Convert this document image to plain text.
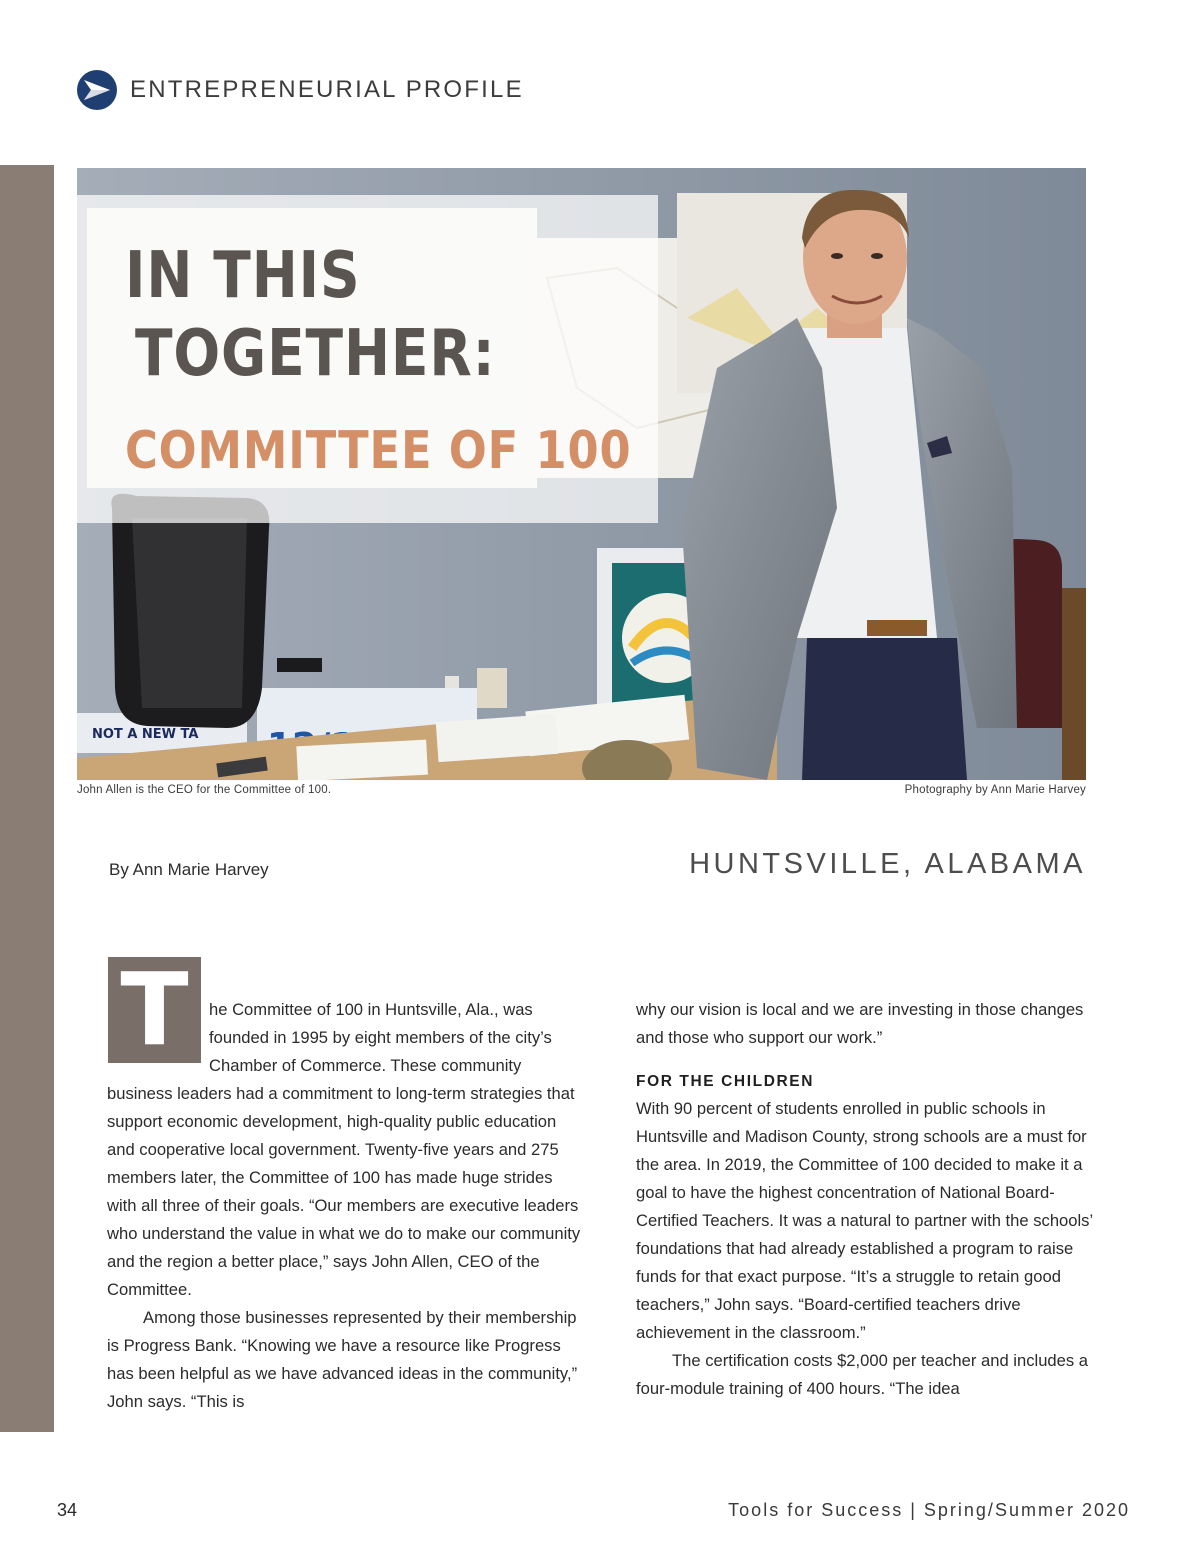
ENTREPRENEURIAL PROFILE
NOT A NEW TA
IN THIS
TOGETHER:
COMMITTEE OF 100
John Allen is the CEO for the Committee of 100.	Photography by Ann Marie Harvey
By Ann Marie Harvey	HUNTSVILLE, ALABAMA
T	he Committee of 100 in Huntsville, Ala., was founded in 1995 by eight members of the city’s Chamber of Commerce. These community business leaders had a commitment to long-term strategies that support economic development, high-quality public education and cooperative local government. Twenty-five years and 275 members later, the Committee of 100 has made huge strides with all three of their goals. “Our members are executive leaders who understand the value in what we do to make our community and the region a better place,” says John Allen, CEO of the Committee.

Among those businesses represented by their membership is Progress Bank. “Knowing we have a resource like Progress has been helpful as we have advanced ideas in the community,” John says. “This is

why our vision is local and we are investing in those changes and those who support our work.”

FOR THE CHILDREN

With 90 percent of students enrolled in public schools in Huntsville and Madison County, strong schools are a must for the area. In 2019, the Committee of 100 decided to make it a goal to have the highest concentration of National Board-Certified Teachers. It was a natural to partner with the schools’ foundations that had already established a program to raise funds for that exact purpose. “It’s a struggle to retain good teachers,” John says. “Board-certified teachers drive achievement in the classroom.”

The certification costs $2,000 per teacher and includes a four-module training of 400 hours. “The idea

34	Tools for Success | Spring/Summer 2020
